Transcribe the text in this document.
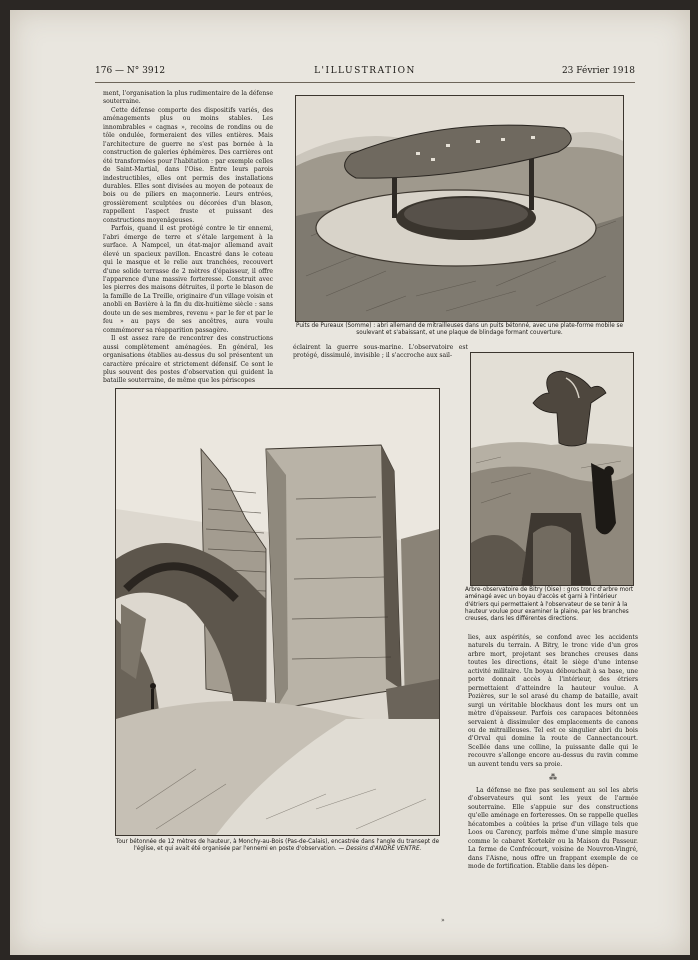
176 — N° 3912	L'ILLUSTRATION	23 Février 1918

ment, l'organisation la plus rudimentaire de la défense souterraine.

Cette défense comporte des dispositifs variés, des aménagements plus ou moins stables. Les innombrables « cagnas », recoins de rondins ou de tôle ondulée, formeraient des villes entières. Mais l'architecture de guerre ne s'est pas bornée à la construction de galeries éphémères. Des carrières ont été transformées pour l'habitation : par exemple celles de Saint-Martial, dans l'Oise. Entre leurs parois indestructibles, elles ont permis des installations durables. Elles sont divisées au moyen de poteaux de bois ou de piliers en maçonnerie. Leurs entrées, grossièrement sculptées ou décorées d'un blason, rappellent l'aspect fruste et puissant des constructions moyenâgeuses.

Parfois, quand il est protégé contre le tir ennemi, l'abri émerge de terre et s'étale largement à la surface. A Nampcel, un état-major allemand avait élevé un spacieux pavillon. Encastré dans le coteau qui le masque et le relie aux tranchées, recouvert d'une solide terrasse de 2 mètres d'épaisseur, il offre l'apparence d'une massive forteresse. Construit avec les pierres des maisons détruites, il porte le blason de la famille de La Treille, originaire d'un village voisin et anobli en Bavière à la fin du dix-huitième siècle : sans doute un de ses membres, revenu « par le fer et par le feu » au pays de ses ancêtres, aura voulu commémorer sa réapparition passagère.

Il est assez rare de rencontrer des constructions aussi complètement aménagées. En général, les organisations établies au-dessus du sol présentent un caractère précaire et strictement défensif. Ce sont le plus souvent des postes d'observation qui guident la bataille souterraine, de même que les périscopes

éclairent la guerre sous-marine. L'observatoire est protégé, dissimulé, invisible ; il s'accroche aux sail-

Puits de Pureaux (Somme) : abri allemand de mitrailleuses dans un puits bétonné, avec une plate-forme mobile se soulevant et s'abaissant, et une plaque de blindage formant couverture.
Tour bétonnée de 12 mètres de hauteur, à Monchy-au-Bois (Pas-de-Calais), encastrée dans l'angle du transept de l'église, et qui avait été organisée par l'ennemi en poste d'observation. — Dessins d'ANDRÉ VENTRE.
Arbre-observatoire de Bitry (Oise) : gros tronc d'arbre mort aménagé avec un boyau d'accès et garni à l'intérieur d'étriers qui permettaient à l'observateur de se tenir à la hauteur voulue pour examiner la plaine, par les branches creuses, dans les différentes directions.

lies, aux aspérités, se confond avec les accidents naturels du terrain. A Bitry, le tronc vide d'un gros arbre mort, projetant ses branches creuses dans toutes les directions, était le siège d'une intense activité militaire. Un boyau débouchait à sa base, une porte donnait accès à l'intérieur, des étriers permettaient d'atteindre la hauteur voulue. A Pozières, sur le sol arasé du champ de bataille, avait surgi un véritable blockhaus dont les murs ont un mètre d'épaisseur. Parfois ces carapaces bétonnées servaient à dissimuler des emplacements de canons ou de mitrailleuses. Tel est ce singulier abri du bois d'Orval qui domine la route de Cannectancourt. Scellée dans une colline, la puissante dalle qui le recouvre s'allonge encore au-dessus du ravin comme un auvent tendu vers sa proie.

⁂

La défense ne fixe pas seulement au sol les abris d'observateurs qui sont les yeux de l'armée souterraine. Elle s'appuie sur des constructions qu'elle aménage en forteresses. On se rappelle quelles hécatombes a coûtées la prise d'un village tels que Loos ou Carency, parfois même d'une simple masure comme le cabaret Kortekër ou la Maison du Passeur. La ferme de Confrécourt, voisine de Nouvron-Vingré, dans l'Aisne, nous offre un frappant exemple de ce mode de fortification. Établie dans les dépen-

»
